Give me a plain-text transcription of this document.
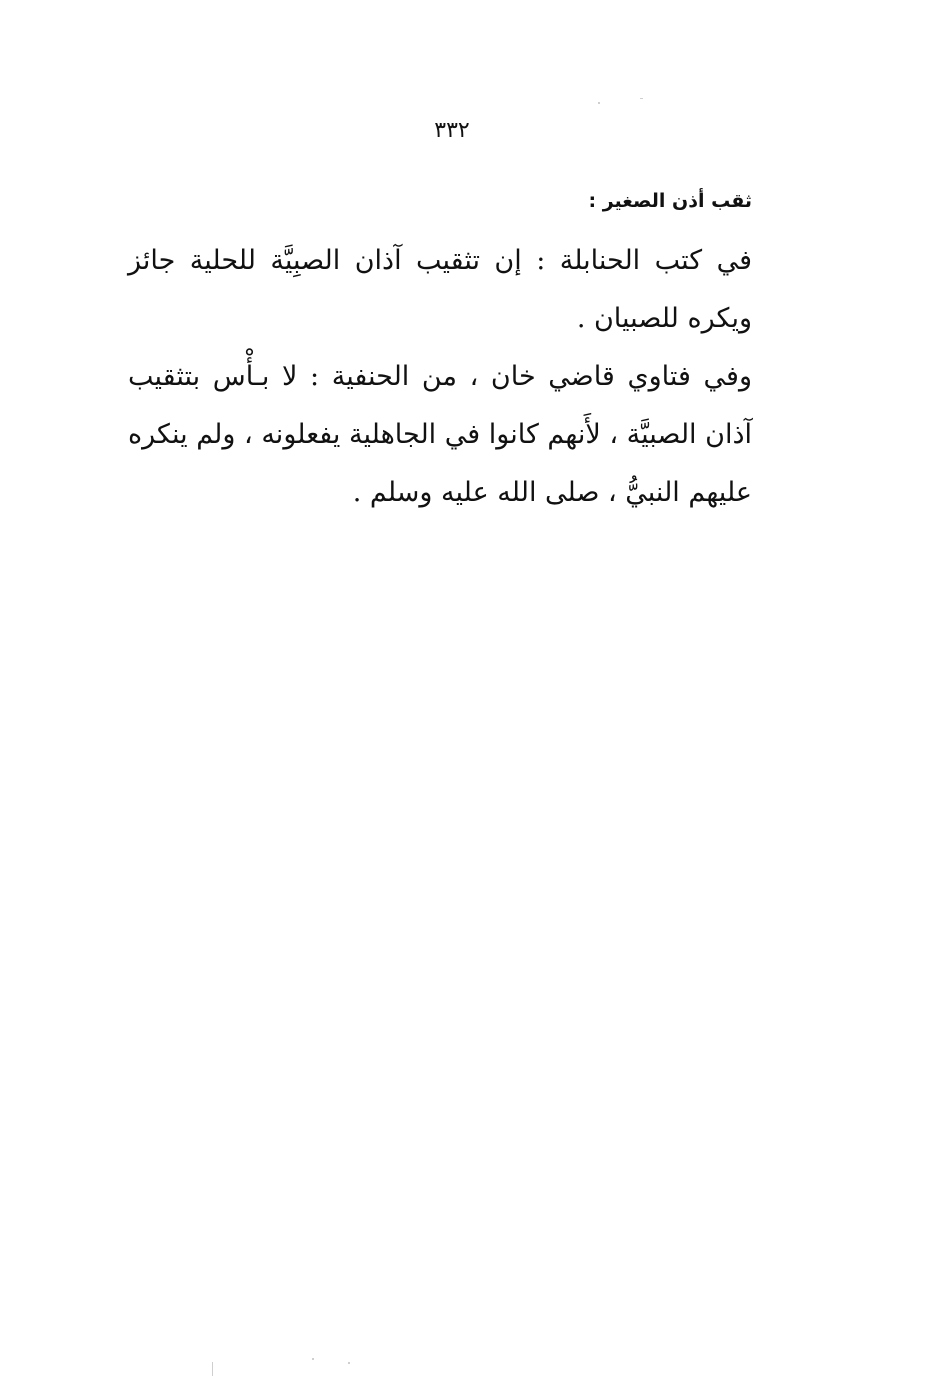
٣٣٢
ثقب أذن الصغير :

في كتب الحنابلة : إن تثقيب آذان الصبِيَّة للحلية جائز ويكره للصبيان .

وفي فتاوي قاضي خان ، من الحنفية : لا بـأْس بتثقيب آذان الصبيَّة ، لأَنهم كانوا في الجاهلية يفعلونه ، ولم ينكره عليهم النبيُّ ، صلى الله عليه وسلم .
